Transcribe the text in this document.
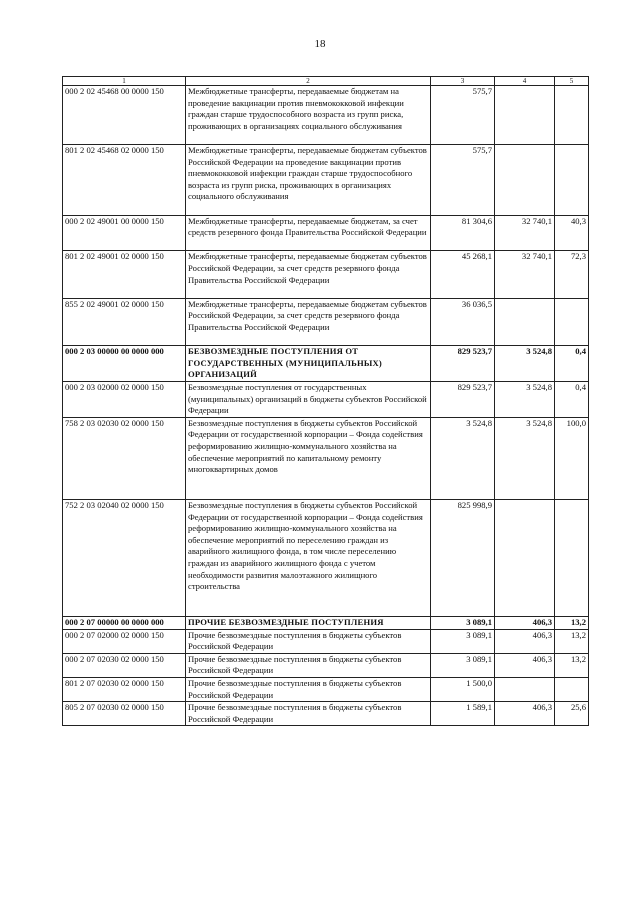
18
1	2	3	4	5
000 2 02 45468 00 0000 150	Межбюджетные трансферты, передаваемые бюджетам на проведение вакцинации против пневмококковой инфекции граждан старше трудоспособного возраста из групп риска, проживающих в организациях социального обслуживания	575,7		
801 2 02 45468 02 0000 150	Межбюджетные трансферты, передаваемые бюджетам субъектов Российской Федерации на проведение вакцинации против пневмококковой инфекции граждан старше трудоспособного возраста из групп риска, проживающих в организациях социального обслуживания	575,7		
000 2 02 49001 00 0000 150	Межбюджетные трансферты, передаваемые бюджетам, за счет средств резервного фонда Правительства Российской Федерации	81 304,6	32 740,1	40,3
801 2 02 49001 02 0000 150	Межбюджетные трансферты, передаваемые бюджетам субъектов Российской Федерации, за счет средств резервного фонда Правительства Российской Федерации	45 268,1	32 740,1	72,3
855 2 02 49001 02 0000 150	Межбюджетные трансферты, передаваемые бюджетам субъектов Российской Федерации, за счет средств резервного фонда Правительства Российской Федерации	36 036,5		
000 2 03 00000 00 0000 000	БЕЗВОЗМЕЗДНЫЕ ПОСТУПЛЕНИЯ ОТ ГОСУДАРСТВЕННЫХ (МУНИЦИПАЛЬНЫХ) ОРГАНИЗАЦИЙ	829 523,7	3 524,8	0,4
000 2 03 02000 02 0000 150	Безвозмездные поступления от государственных (муниципальных) организаций в бюджеты субъектов Российской Федерации	829 523,7	3 524,8	0,4
758 2 03 02030 02 0000 150	Безвозмездные поступления в бюджеты субъектов Российской Федерации от государственной корпорации – Фонда содействия реформированию жилищно-коммунального хозяйства на обеспечение мероприятий по капитальному ремонту многоквартирных домов	3 524,8	3 524,8	100,0
752 2 03 02040 02 0000 150	Безвозмездные поступления в бюджеты субъектов Российской Федерации от государственной корпорации – Фонда содействия реформированию жилищно-коммунального хозяйства на обеспечение мероприятий по переселению граждан из аварийного жилищного фонда, в том числе переселению граждан из аварийного жилищного фонда с учетом необходимости развития малоэтажного жилищного строительства	825 998,9		
000 2 07 00000 00 0000 000	ПРОЧИЕ БЕЗВОЗМЕЗДНЫЕ ПОСТУПЛЕНИЯ	3 089,1	406,3	13,2
000 2 07 02000 02 0000 150	Прочие безвозмездные поступления в бюджеты субъектов Российской Федерации	3 089,1	406,3	13,2
000 2 07 02030 02 0000 150	Прочие безвозмездные поступления в бюджеты субъектов Российской Федерации	3 089,1	406,3	13,2
801 2 07 02030 02 0000 150	Прочие безвозмездные поступления в бюджеты субъектов Российской Федерации	1 500,0		
805 2 07 02030 02 0000 150	Прочие безвозмездные поступления в бюджеты субъектов Российской Федерации	1 589,1	406,3	25,6
